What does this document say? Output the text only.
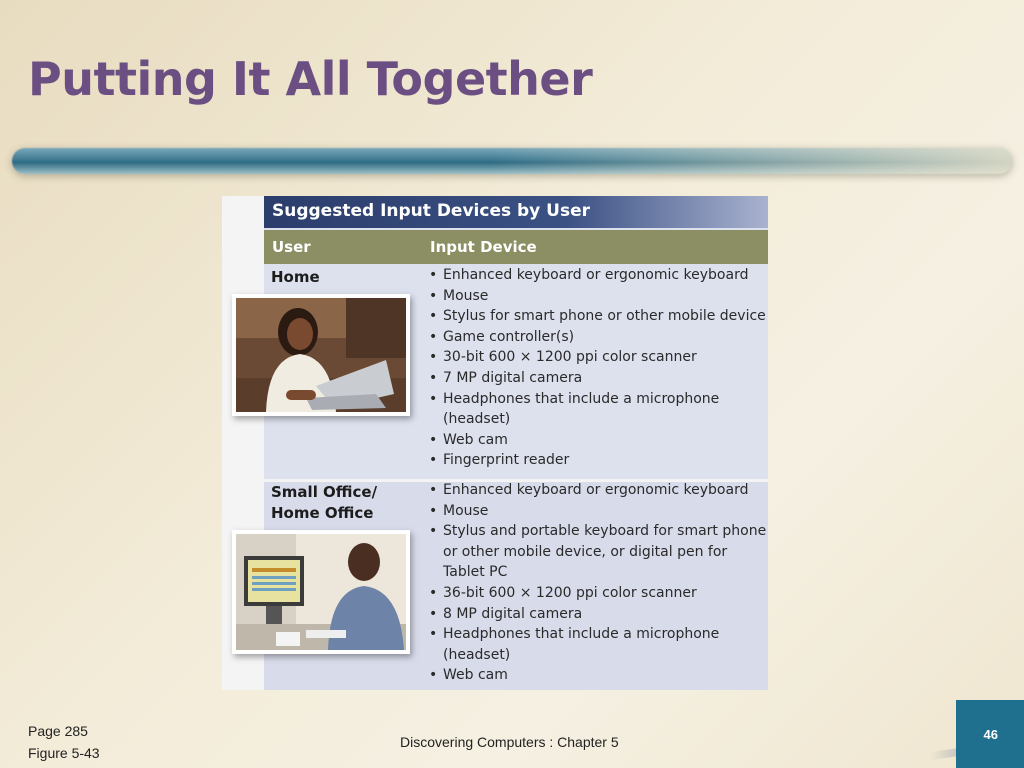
Putting It All Together
Suggested Input Devices by User
User	Input Device
Home
•	Enhanced keyboard or ergonomic keyboard
• Mouse
• Stylus for smart phone or other mobile device
• Game controller(s)
• 30-bit 600 × 1200 ppi color scanner
• 7 MP digital camera
• Headphones that include a microphone
(headset)
• Web cam
• Fingerprint reader
Small Office/
Home Office
• Enhanced keyboard or ergonomic keyboard
• Mouse
• Stylus and portable keyboard for smart phone
or other mobile device, or digital pen for
Tablet PC
• 36-bit 600 × 1200 ppi color scanner
• 8 MP digital camera
• Headphones that include a microphone
(headset)
• Web cam
Page 285
Figure 5-43
Discovering Computers : Chapter 5	46
